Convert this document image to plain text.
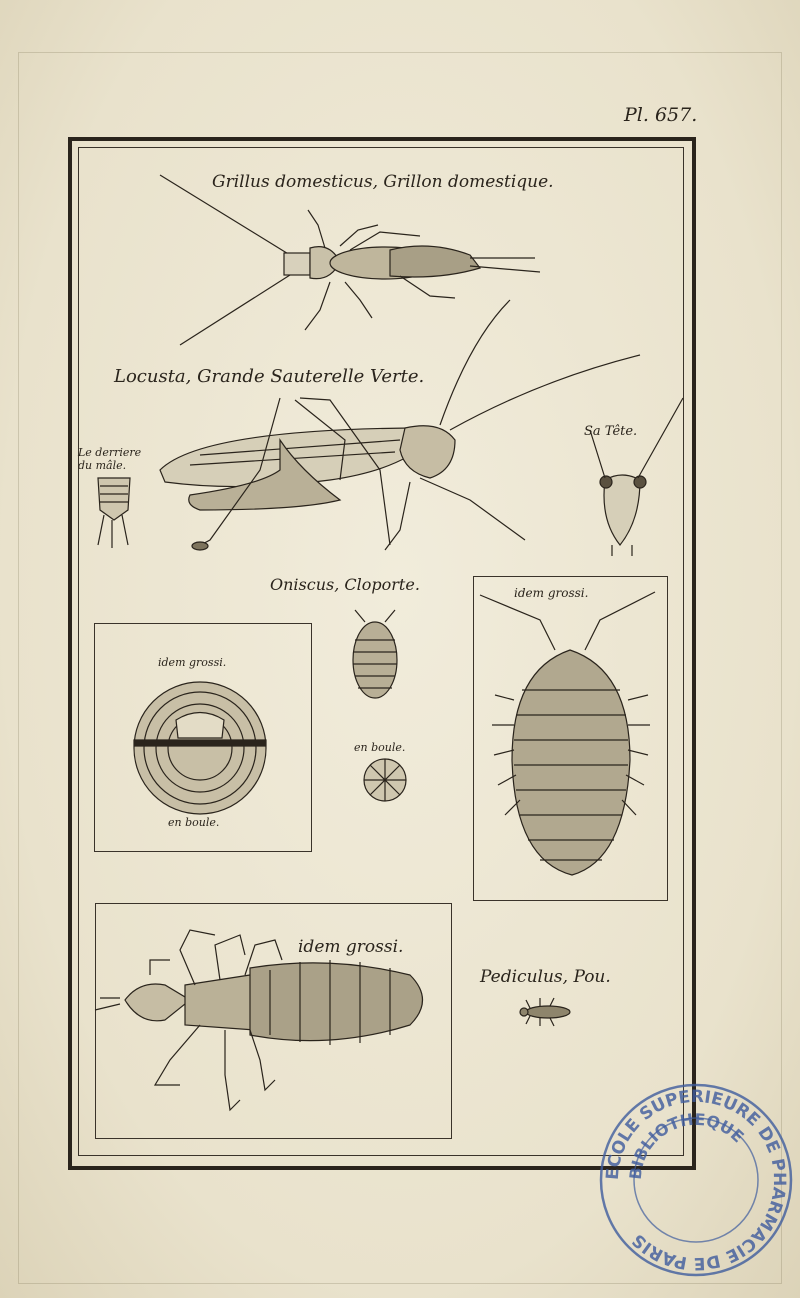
Pl. 657.
Grillus domesticus, Grillon domestique.
Locusta, Grande Sauterelle Verte.
Le derriere du mâle.
Sa Tête.
Oniscus, Cloporte.	idem grossi.
idem grossi.
en boule.
en boule.
idem grossi.
Pediculus, Pou.
ECOLE SUPERIEURE DE PHARMACIE DE PARIS
BIBLIOTHEQUE
